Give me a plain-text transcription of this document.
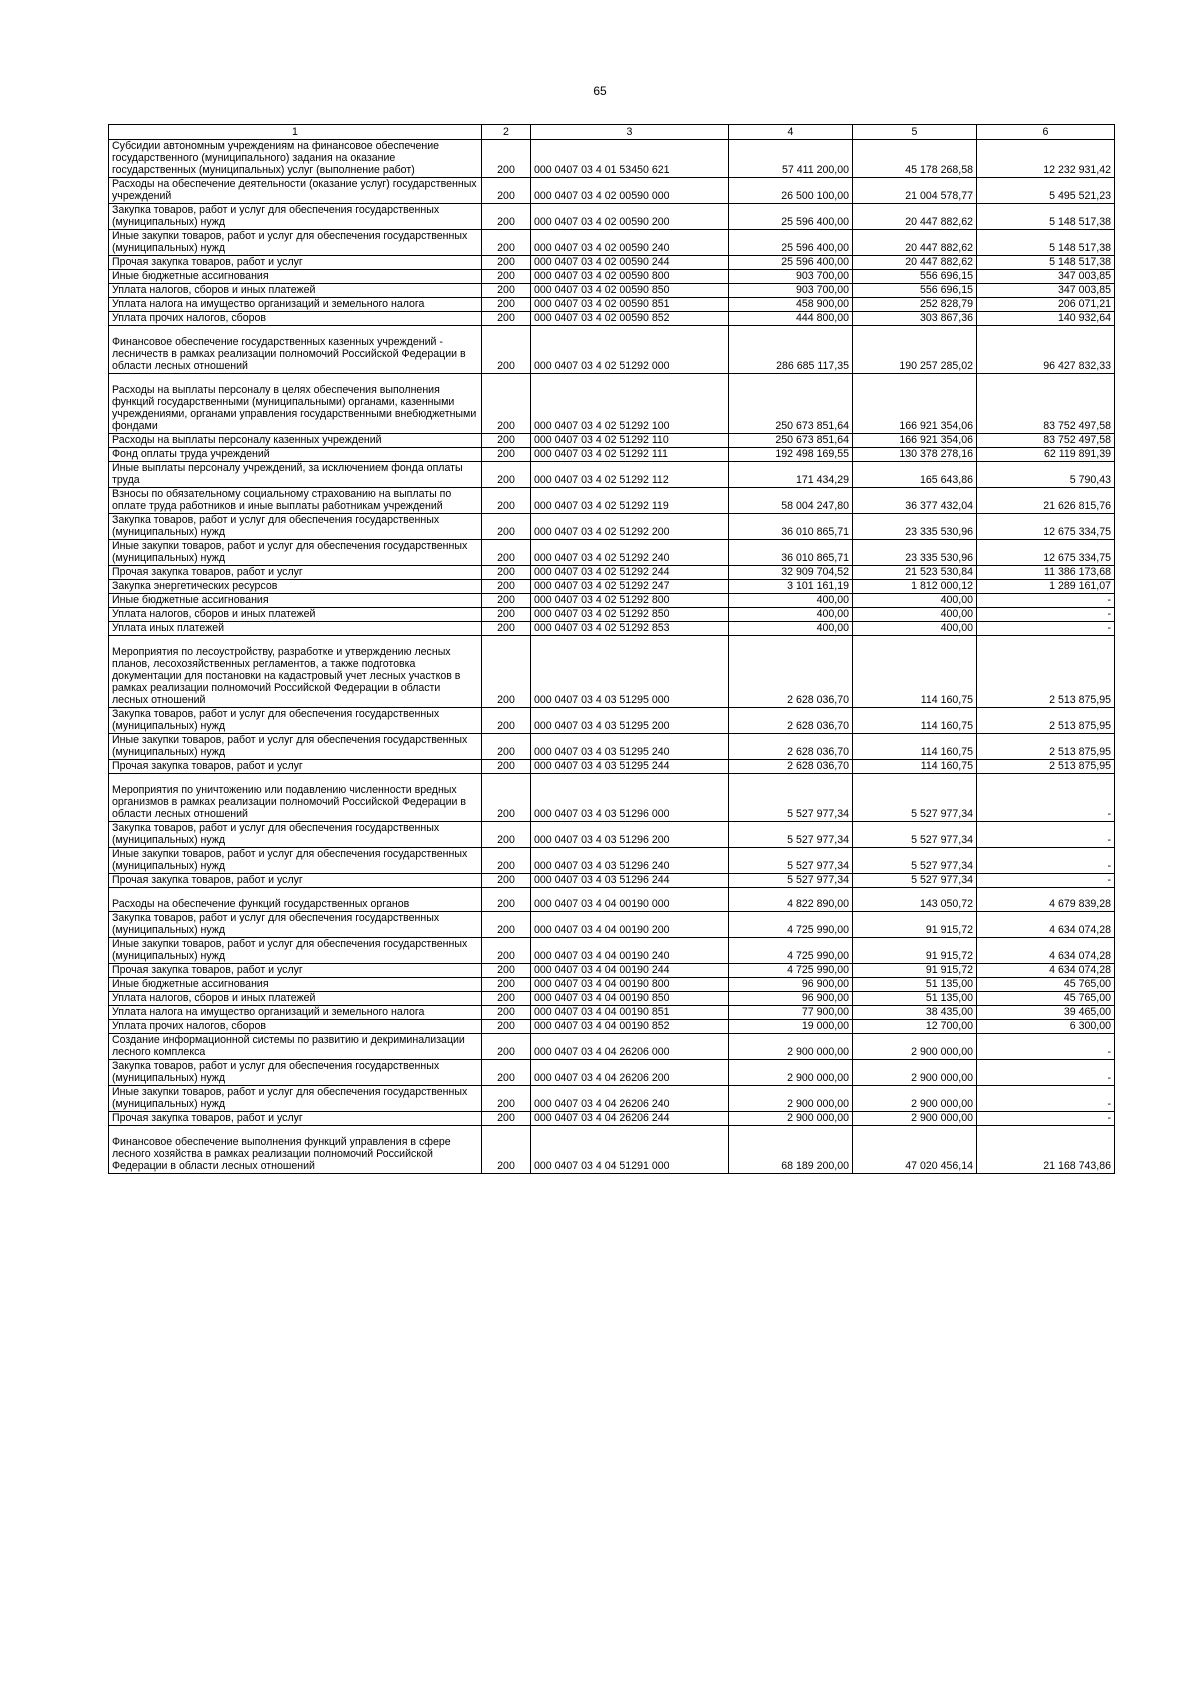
65
1	2	3	4	5	6
Субсидии автономным учреждениям на финансовое обеспечение государственного (муниципального) задания на оказание государственных (муниципальных) услуг (выполнение работ)	200	000 0407 03 4 01 53450 621	57 411 200,00	45 178 268,58	12 232 931,42
Расходы на обеспечение деятельности (оказание услуг) государственных учреждений	200	000 0407 03 4 02 00590 000	26 500 100,00	21 004 578,77	5 495 521,23
Закупка товаров, работ и услуг для обеспечения государственных (муниципальных) нужд	200	000 0407 03 4 02 00590 200	25 596 400,00	20 447 882,62	5 148 517,38
Иные закупки товаров, работ и услуг для обеспечения государственных (муниципальных) нужд	200	000 0407 03 4 02 00590 240	25 596 400,00	20 447 882,62	5 148 517,38
Прочая закупка товаров, работ и услуг	200	000 0407 03 4 02 00590 244	25 596 400,00	20 447 882,62	5 148 517,38
Иные бюджетные ассигнования	200	000 0407 03 4 02 00590 800	903 700,00	556 696,15	347 003,85
Уплата налогов, сборов и иных платежей	200	000 0407 03 4 02 00590 850	903 700,00	556 696,15	347 003,85
Уплата налога на имущество организаций и земельного налога	200	000 0407 03 4 02 00590 851	458 900,00	252 828,79	206 071,21
Уплата прочих налогов, сборов	200	000 0407 03 4 02 00590 852	444 800,00	303 867,36	140 932,64
Финансовое обеспечение государственных казенных учреждений - лесничеств в рамках реализации полномочий Российской Федерации в области лесных отношений	200	000 0407 03 4 02 51292 000	286 685 117,35	190 257 285,02	96 427 832,33
Расходы на выплаты персоналу в целях обеспечения выполнения функций государственными (муниципальными) органами, казенными учреждениями, органами управления государственными внебюджетными фондами	200	000 0407 03 4 02 51292 100	250 673 851,64	166 921 354,06	83 752 497,58
Расходы на выплаты персоналу казенных учреждений	200	000 0407 03 4 02 51292 110	250 673 851,64	166 921 354,06	83 752 497,58
Фонд оплаты труда учреждений	200	000 0407 03 4 02 51292 111	192 498 169,55	130 378 278,16	62 119 891,39
Иные выплаты персоналу учреждений, за исключением фонда оплаты труда	200	000 0407 03 4 02 51292 112	171 434,29	165 643,86	5 790,43
Взносы по обязательному социальному страхованию на выплаты по оплате труда работников и иные выплаты работникам учреждений	200	000 0407 03 4 02 51292 119	58 004 247,80	36 377 432,04	21 626 815,76
Закупка товаров, работ и услуг для обеспечения государственных (муниципальных) нужд	200	000 0407 03 4 02 51292 200	36 010 865,71	23 335 530,96	12 675 334,75
Иные закупки товаров, работ и услуг для обеспечения государственных (муниципальных) нужд	200	000 0407 03 4 02 51292 240	36 010 865,71	23 335 530,96	12 675 334,75
Прочая закупка товаров, работ и услуг	200	000 0407 03 4 02 51292 244	32 909 704,52	21 523 530,84	11 386 173,68
Закупка энергетических ресурсов	200	000 0407 03 4 02 51292 247	3 101 161,19	1 812 000,12	1 289 161,07
Иные бюджетные ассигнования	200	000 0407 03 4 02 51292 800	400,00	400,00	-
Уплата налогов, сборов и иных платежей	200	000 0407 03 4 02 51292 850	400,00	400,00	-
Уплата иных платежей	200	000 0407 03 4 02 51292 853	400,00	400,00	-
Мероприятия по лесоустройству, разработке и утверждению лесных планов, лесохозяйственных регламентов, а также подготовка документации для постановки на кадастровый учет лесных участков в рамках реализации полномочий Российской Федерации в области лесных отношений	200	000 0407 03 4 03 51295 000	2 628 036,70	114 160,75	2 513 875,95
Закупка товаров, работ и услуг для обеспечения государственных (муниципальных) нужд	200	000 0407 03 4 03 51295 200	2 628 036,70	114 160,75	2 513 875,95
Иные закупки товаров, работ и услуг для обеспечения государственных (муниципальных) нужд	200	000 0407 03 4 03 51295 240	2 628 036,70	114 160,75	2 513 875,95
Прочая закупка товаров, работ и услуг	200	000 0407 03 4 03 51295 244	2 628 036,70	114 160,75	2 513 875,95
Мероприятия по уничтожению или подавлению численности вредных организмов в рамках реализации полномочий Российской Федерации в области лесных отношений	200	000 0407 03 4 03 51296 000	5 527 977,34	5 527 977,34	-
Закупка товаров, работ и услуг для обеспечения государственных (муниципальных) нужд	200	000 0407 03 4 03 51296 200	5 527 977,34	5 527 977,34	-
Иные закупки товаров, работ и услуг для обеспечения государственных (муниципальных) нужд	200	000 0407 03 4 03 51296 240	5 527 977,34	5 527 977,34	-
Прочая закупка товаров, работ и услуг	200	000 0407 03 4 03 51296 244	5 527 977,34	5 527 977,34	-
Расходы на обеспечение функций государственных органов	200	000 0407 03 4 04 00190 000	4 822 890,00	143 050,72	4 679 839,28
Закупка товаров, работ и услуг для обеспечения государственных (муниципальных) нужд	200	000 0407 03 4 04 00190 200	4 725 990,00	91 915,72	4 634 074,28
Иные закупки товаров, работ и услуг для обеспечения государственных (муниципальных) нужд	200	000 0407 03 4 04 00190 240	4 725 990,00	91 915,72	4 634 074,28
Прочая закупка товаров, работ и услуг	200	000 0407 03 4 04 00190 244	4 725 990,00	91 915,72	4 634 074,28
Иные бюджетные ассигнования	200	000 0407 03 4 04 00190 800	96 900,00	51 135,00	45 765,00
Уплата налогов, сборов и иных платежей	200	000 0407 03 4 04 00190 850	96 900,00	51 135,00	45 765,00
Уплата налога на имущество организаций и земельного налога	200	000 0407 03 4 04 00190 851	77 900,00	38 435,00	39 465,00
Уплата прочих налогов, сборов	200	000 0407 03 4 04 00190 852	19 000,00	12 700,00	6 300,00
Создание информационной системы по развитию и декриминализации лесного комплекса	200	000 0407 03 4 04 26206 000	2 900 000,00	2 900 000,00	-
Закупка товаров, работ и услуг для обеспечения государственных (муниципальных) нужд	200	000 0407 03 4 04 26206 200	2 900 000,00	2 900 000,00	-
Иные закупки товаров, работ и услуг для обеспечения государственных (муниципальных) нужд	200	000 0407 03 4 04 26206 240	2 900 000,00	2 900 000,00	-
Прочая закупка товаров, работ и услуг	200	000 0407 03 4 04 26206 244	2 900 000,00	2 900 000,00	-
Финансовое обеспечение выполнения функций управления в сфере лесного хозяйства в рамках реализации полномочий Российской Федерации в области лесных отношений	200	000 0407 03 4 04 51291 000	68 189 200,00	47 020 456,14	21 168 743,86
